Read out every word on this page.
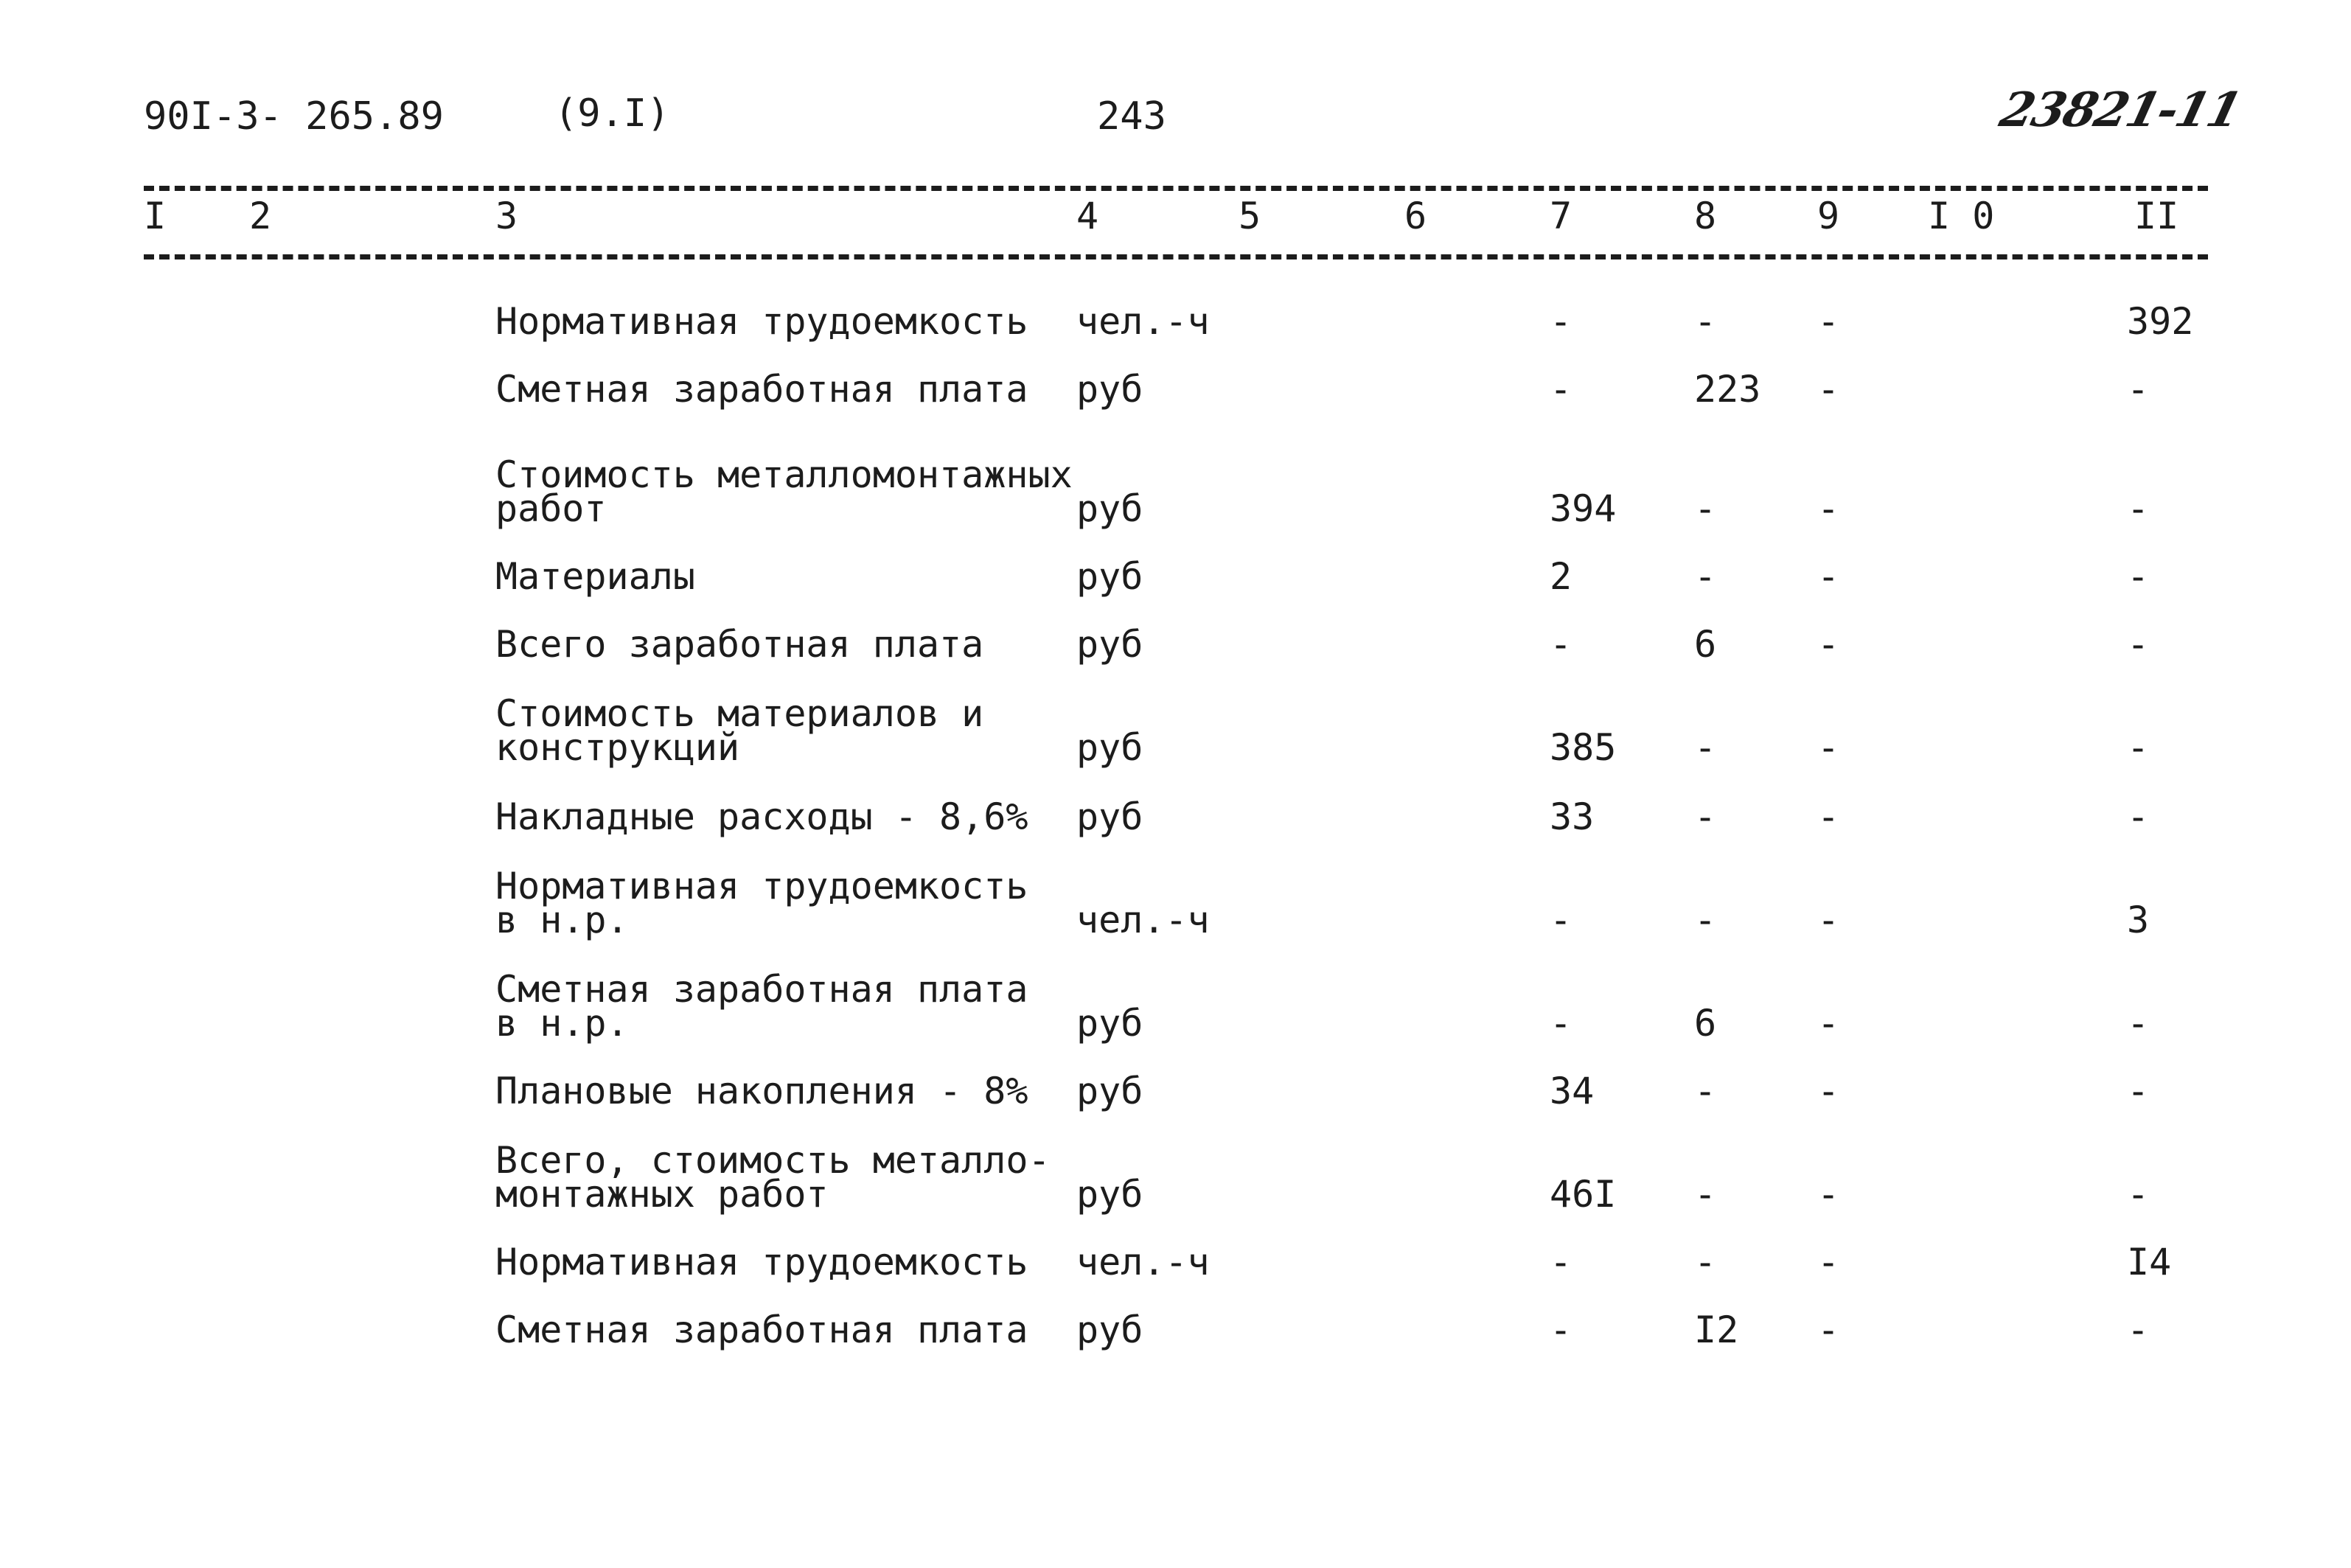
90I-3- 265.89	(9.I)	243	23821-11
I 2	3	4	5	6	7	8	9 I 0	II
Нормативная трудоемкость чел.-ч	-	-	-	392
Сметная заработная плата руб	-	223 -	-
Стоимость металломонтажных
работ	руб	394 -	-	-
Материалы	руб	2	-	-	-
Всего заработная плата	руб	-	6	-	-
Стоимость материалов и
конструкций	руб	385 -	-	-
Накладные расходы - 8,6% руб	33	-	-	-
Нормативная трудоемкость
в н.р.	чел.-ч	-	-	-	3
Сметная заработная плата
в н.р.	руб	-	6	-	-
Плановые накопления - 8% руб	34	-	-	-
Всего, стоимость металло-
монтажных работ	руб	46I -	-	-
Нормативная трудоемкость чел.-ч	-	-	-	I4
Сметная заработная плата руб	-	I2 -	-
